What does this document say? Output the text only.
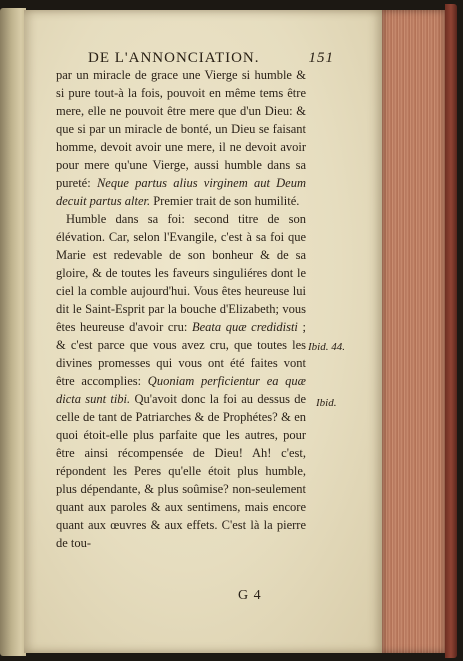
DE L'ANNONCIATION.	151

par un miracle de grace une Vierge si humble & si pure tout-à la fois, pouvoit en même tems être mere, elle ne pouvoit être mere que d'un Dieu: & que si par un miracle de bonté, un Dieu se faisant homme, devoit avoir une mere, il ne devoit avoir pour mere qu'une Vierge, aussi humble dans sa pureté: Neque partus alius virginem aut Deum decuit partus alter. Premier trait de son humilité.

Humble dans sa foi: second titre de son élévation. Car, selon l'Evangile, c'est à sa foi que Marie est redevable de son bonheur & de sa gloire, & de toutes les faveurs singuliéres dont le ciel la comble aujourd'hui. Vous êtes heureuse lui dit le Saint-Esprit par la bouche d'Elizabeth; vous êtes heureuse d'avoir cru: Beata quæ credidisti ; & c'est parce que vous avez cru, que toutes les divines promesses qui vous ont été faites vont être accomplies: Quoniam perficientur ea quæ dicta sunt tibi. Qu'avoit donc la foi au dessus de celle de tant de Patriarches & de Prophétes? & en quoi étoit-elle plus parfaite que les autres, pour être ainsi récompensée de Dieu! Ah! c'est, répondent les Peres qu'elle étoit plus humble, plus dépendante, & plus soûmise? non-seulement quant aux paroles & aux sentimens, mais encore quant aux œuvres & aux effets. C'est là la pierre de tou-

Ibid. 44.
Ibid.
G 4
